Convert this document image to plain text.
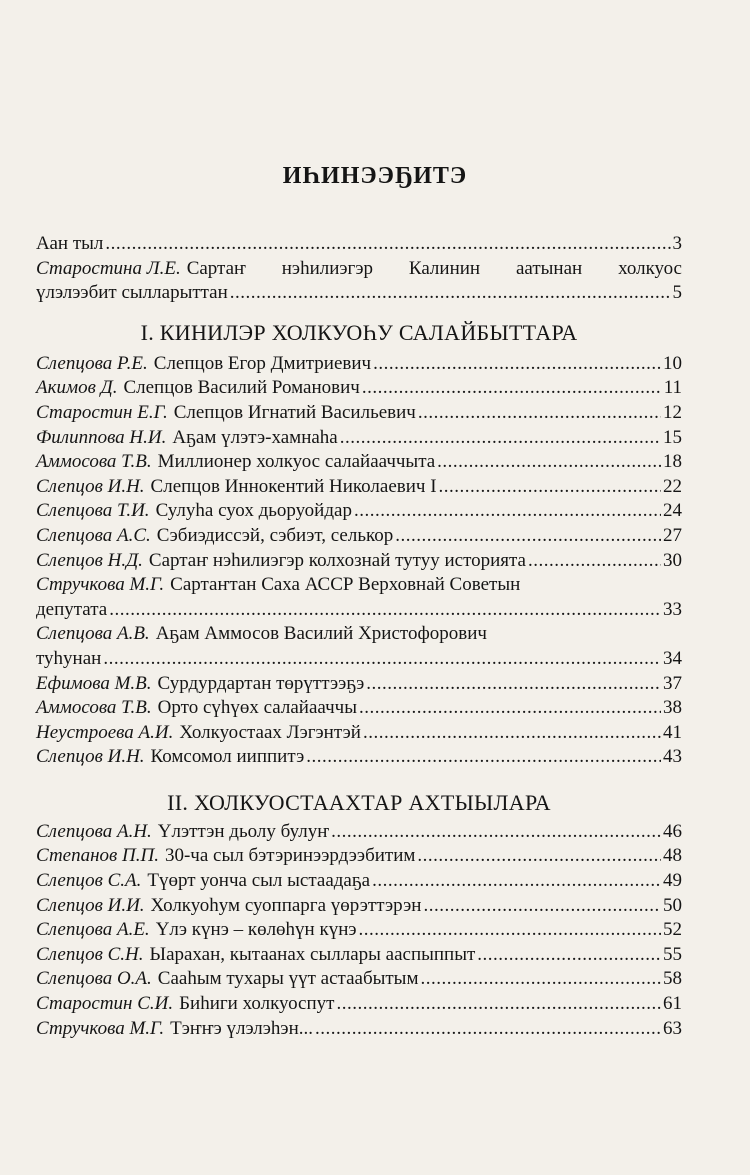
ИҺИНЭЭҔИТЭ
Аан тыл .....	3
Старостина Л.Е. Сартаҥ нэһилиэгэр Калинин аатынан холкуос
үлэлээбит сылларыттан .....	5
I. КИНИЛЭР ХОЛКУОҺУ САЛАЙБЫТТАРА
Слепцова Р.Е. Слепцов Егор Дмитриевич .....	10
Акимов Д. Слепцов Василий Романович .....	11
Старостин Е.Г. Слепцов Игнатий Васильевич .....	12
Филиппова Н.И. Аҕам үлэтэ-хамнаһа .....	15
Аммосова Т.В. Миллионер холкуос салайааччыта .....	18
Слепцов И.Н. Слепцов Иннокентий Николаевич I .....	22
Слепцова Т.И. Сулуһа суох дьоруойдар .....	24
Слепцова А.С. Сэбиэдиссэй, сэбиэт, селькор .....	27
Слепцов Н.Д. Сартаҥ нэһилиэгэр колхознай тутуу историята .....	30
Стручкова М.Г. Сартаҥтан Саха АССР Верховнай Советын
депутата .....	33
Слепцова А.В. Аҕам Аммосов Василий Христофорович
туһунан .....	34
Ефимова М.В. Сурдурдартан төрүттээҕэ .....	37
Аммосова Т.В. Орто сүһүөх салайааччы .....	38
Неустроева А.И. Холкуостаах Лэгэнтэй .....	41
Слепцов И.Н. Комсомол ииппитэ .....	43
II. ХОЛКУОСТААХТАР АХТЫЫЛАРА
Слепцова А.Н. Үлэттэн дьолу булуҥ .....	46
Степанов П.П. 30-ча сыл бэтэринээрдээбитим .....	48
Слепцов С.А. Түөрт уонча сыл ыстаадаҕа .....	49
Слепцов И.И. Холкуоһум суоппарга үөрэттэрэн .....	50
Слепцова А.Е. Үлэ күнэ – көлөһүн күнэ .....	52
Слепцов С.Н. Ыарахан, кытаанах сыллары ааспыппыт .....	55
Слепцова О.А. Сааһым тухары үүт астаабытым .....	58
Старостин С.И. Биһиги холкуоспут .....	61
Стручкова М.Г. Тэҥҥэ үлэлэһэн... .....	63
